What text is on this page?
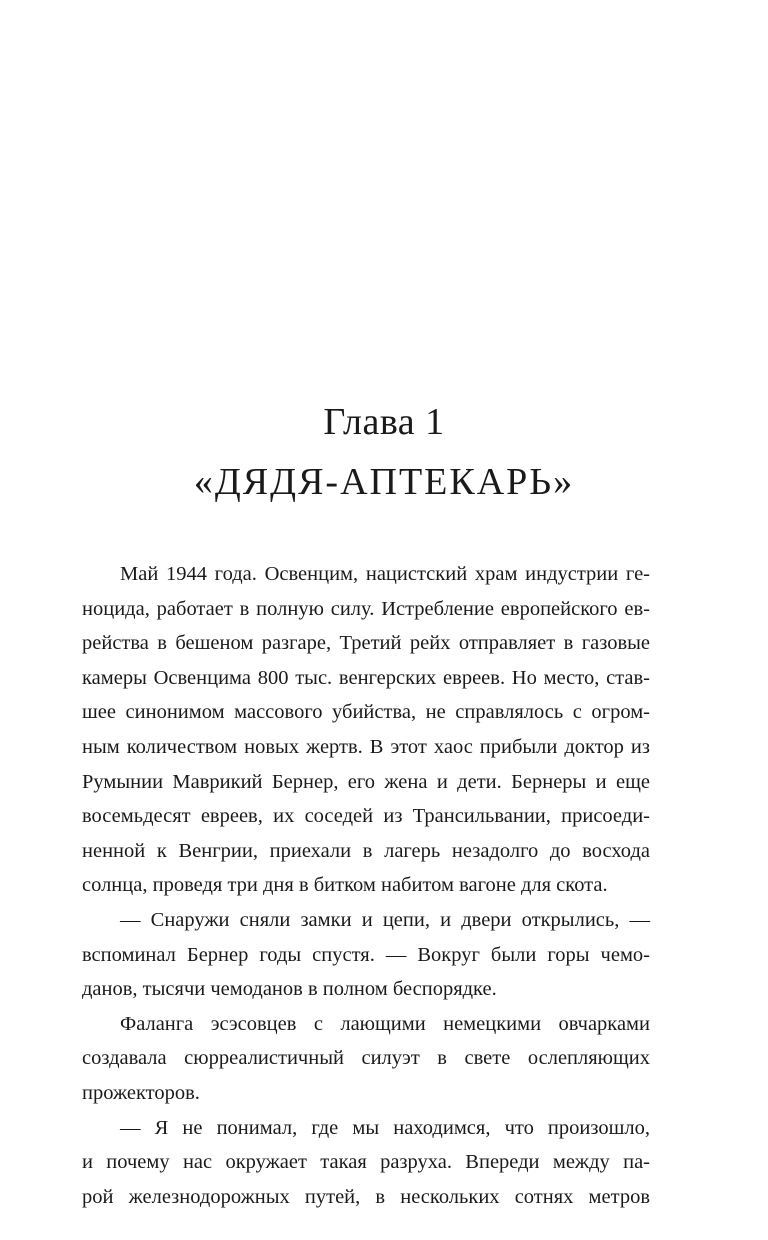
Глава 1
«ДЯДЯ-АПТЕКАРЬ»

Май 1944 года. Освенцим, нацистский храм индустрии ге-

ноцида, работает в полную силу. Истребление европейского ев-

рейства в бешеном разгаре, Третий рейх отправляет в газовые

камеры Освенцима 800 тыс. венгерских евреев. Но место, став-

шее синонимом массового убийства, не справлялось с огром-

ным количеством новых жертв. В этот хаос прибыли доктор из

Румынии Маврикий Бернер, его жена и дети. Бернеры и еще

восемьдесят евреев, их соседей из Трансильвании, присоеди-

ненной к Венгрии, приехали в лагерь незадолго до восхода

солнца, проведя три дня в битком набитом вагоне для скота.

— Снаружи сняли замки и цепи, и двери открылись, —

вспоминал Бернер годы спустя. — Вокруг были горы чемо-

данов, тысячи чемоданов в полном беспорядке.

Фаланга эсэсовцев с лающими немецкими овчарками

создавала сюрреалистичный силуэт в свете ослепляющих

прожекторов.

— Я не понимал, где мы находимся, что произошло,

и почему нас окружает такая разруха. Впереди между па-

рой железнодорожных путей, в нескольких сотнях метров
